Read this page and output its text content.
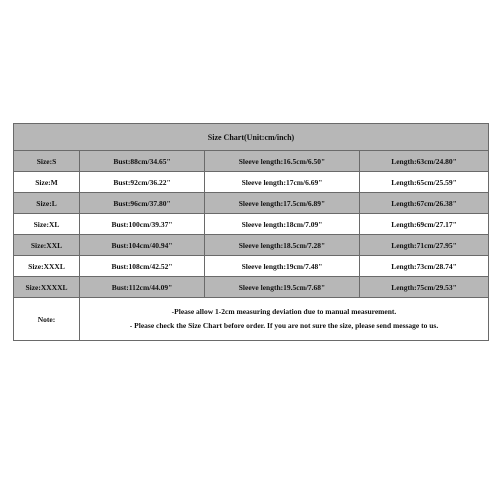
Size Chart(Unit:cm/inch)			
Size:S	Bust:88cm/34.65"	Sleeve length:16.5cm/6.50"	Length:63cm/24.80"
Size:M	Bust:92cm/36.22"	Sleeve length:17cm/6.69"	Length:65cm/25.59"
Size:L	Bust:96cm/37.80"	Sleeve length:17.5cm/6.89"	Length:67cm/26.38"
Size:XL	Bust:100cm/39.37"	Sleeve length:18cm/7.09"	Length:69cm/27.17"
Size:XXL	Bust:104cm/40.94"	Sleeve length:18.5cm/7.28"	Length:71cm/27.95"
Size:XXXL	Bust:108cm/42.52"	Sleeve length:19cm/7.48"	Length:73cm/28.74"
Size:XXXXL	Bust:112cm/44.09"	Sleeve length:19.5cm/7.68"	Length:75cm/29.53"
Note:	-Please allow 1-2cm measuring deviation due to manual measurement.
- Please check the Size Chart before order. If you are not sure the size, please send message to us.		
